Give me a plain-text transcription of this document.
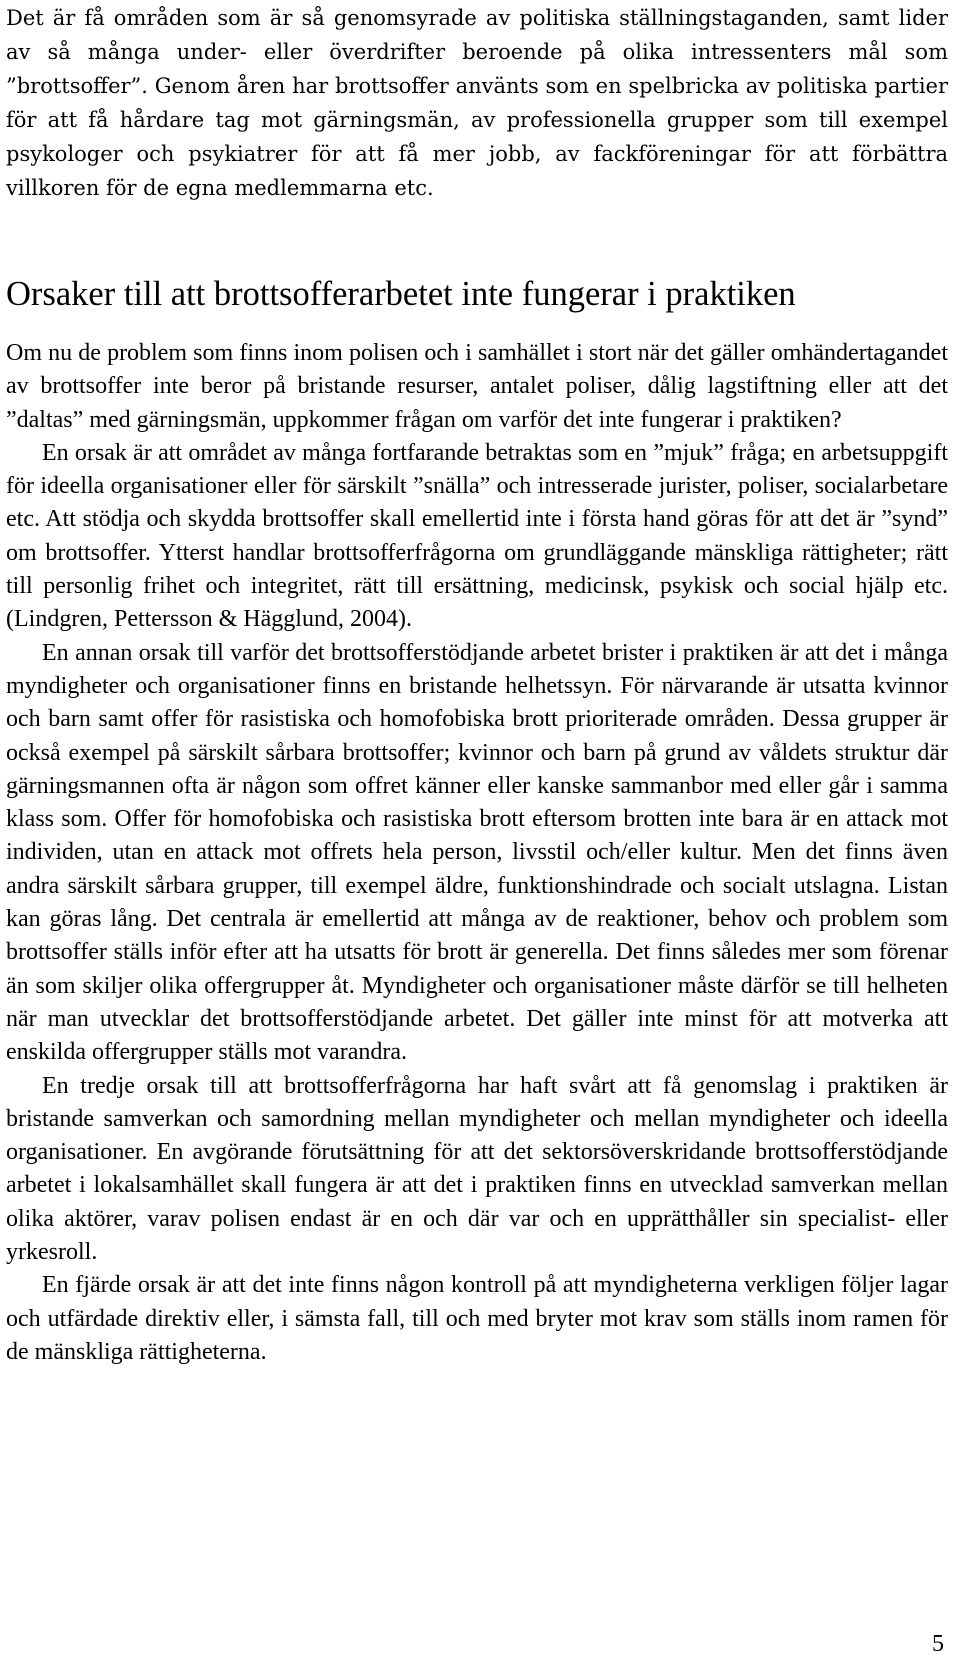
Det är få områden som är så genomsyrade av politiska ställningstaganden, samt lider av så många under- eller överdrifter beroende på olika intressenters mål som ”brottsoffer”. Genom åren har brottsoffer använts som en spelbricka av politiska partier för att få hårdare tag mot gärningsmän, av professionella grupper som till exempel psykologer och psykiatrer för att få mer jobb, av fackföreningar för att förbättra villkoren för de egna medlemmarna etc.

Orsaker till att brottsofferarbetet inte fungerar i praktiken

Om nu de problem som finns inom polisen och i samhället i stort när det gäller omhändertagandet av brottsoffer inte beror på bristande resurser, antalet poliser, dålig lagstiftning eller att det ”daltas” med gärningsmän, uppkommer frågan om varför det inte fungerar i praktiken?

En orsak är att området av många fortfarande betraktas som en ”mjuk” fråga; en arbetsuppgift för ideella organisationer eller för särskilt ”snälla” och intresserade jurister, poliser, socialarbetare etc. Att stödja och skydda brottsoffer skall emellertid inte i första hand göras för att det är ”synd” om brottsoffer. Ytterst handlar brottsofferfrågorna om grundläggande mänskliga rättigheter; rätt till personlig frihet och integritet, rätt till ersättning, medicinsk, psykisk och social hjälp etc. (Lindgren, Pettersson & Hägglund, 2004).

En annan orsak till varför det brottsofferstödjande arbetet brister i praktiken är att det i många myndigheter och organisationer finns en bristande helhetssyn. För närvarande är utsatta kvinnor och barn samt offer för rasistiska och homofobiska brott prioriterade områden. Dessa grupper är också exempel på särskilt sårbara brottsoffer; kvinnor och barn på grund av våldets struktur där gärningsmannen ofta är någon som offret känner eller kanske sammanbor med eller går i samma klass som. Offer för homofobiska och rasistiska brott eftersom brotten inte bara är en attack mot individen, utan en attack mot offrets hela person, livsstil och/eller kultur. Men det finns även andra särskilt sårbara grupper, till exempel äldre, funktionshindrade och socialt utslagna. Listan kan göras lång. Det centrala är emellertid att många av de reaktioner, behov och problem som brottsoffer ställs inför efter att ha utsatts för brott är generella. Det finns således mer som förenar än som skiljer olika offergrupper åt. Myndigheter och organisationer måste därför se till helheten när man utvecklar det brottsofferstödjande arbetet. Det gäller inte minst för att motverka att enskilda offergrupper ställs mot varandra.

En tredje orsak till att brottsofferfrågorna har haft svårt att få genomslag i praktiken är bristande samverkan och samordning mellan myndigheter och mellan myndigheter och ideella organisationer. En avgörande förutsättning för att det sektorsöverskridande brottsofferstödjande arbetet i lokalsamhället skall fungera är att det i praktiken finns en utvecklad samverkan mellan olika aktörer, varav polisen endast är en och där var och en upprätthåller sin specialist- eller yrkesroll.

En fjärde orsak är att det inte finns någon kontroll på att myndigheterna verkligen följer lagar och utfärdade direktiv eller, i sämsta fall, till och med bryter mot krav som ställs inom ramen för de mänskliga rättigheterna.

5
